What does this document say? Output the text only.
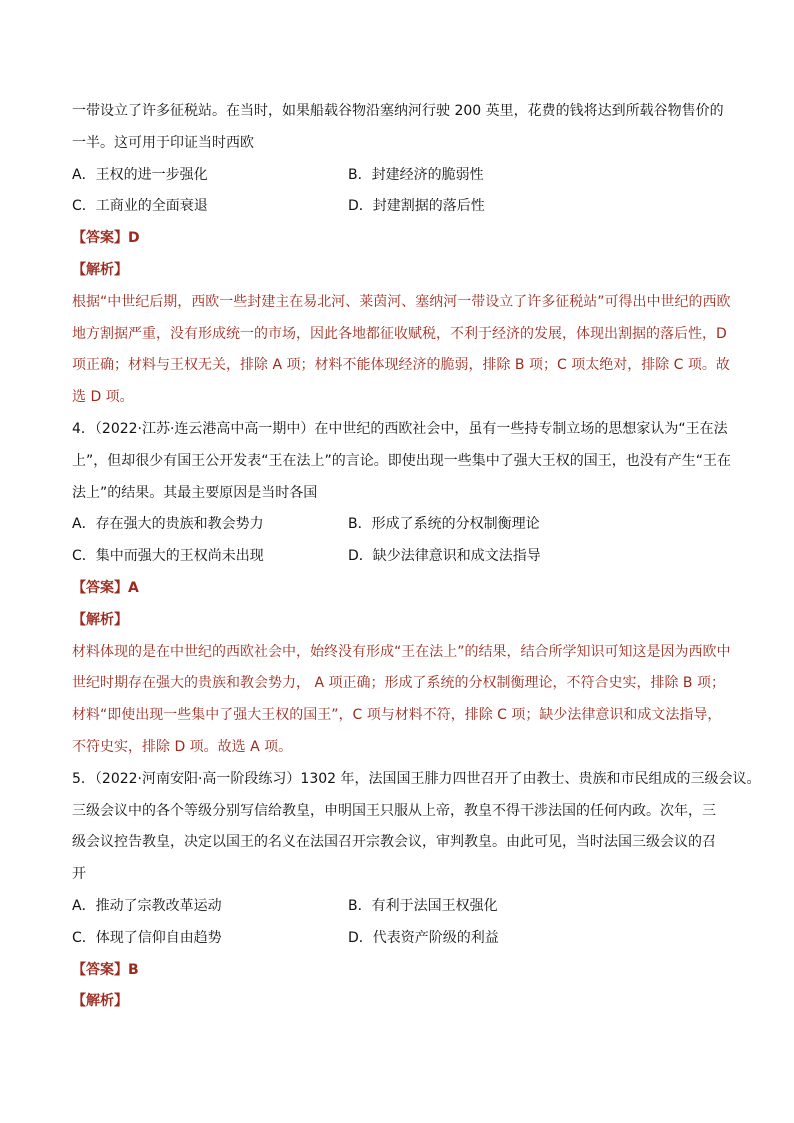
一带设立了许多征税站。在当时，如果船载谷物沿塞纳河行驶 200 英里，花费的钱将达到所载谷物售价的
一半。这可用于印证当时西欧
A．王权的进一步强化	B．封建经济的脆弱性
C．工商业的全面衰退	D．封建割据的落后性
【答案】D
【解析】
根据“中世纪后期，西欧一些封建主在易北河、莱茵河、塞纳河一带设立了许多征税站”可得出中世纪的西欧
地方割据严重，没有形成统一的市场，因此各地都征收赋税，不利于经济的发展，体现出割据的落后性，D
项正确；材料与王权无关，排除 A 项；材料不能体现经济的脆弱，排除 B 项；C 项太绝对，排除 C 项。故
选 D 项。
4．（2022·江苏·连云港高中高一期中）在中世纪的西欧社会中，虽有一些持专制立场的思想家认为“王在法
上”，但却很少有国王公开发表“王在法上”的言论。即使出现一些集中了强大王权的国王，也没有产生“王在
法上”的结果。其最主要原因是当时各国
A．存在强大的贵族和教会势力	B．形成了系统的分权制衡理论
C．集中而强大的王权尚未出现	D．缺少法律意识和成文法指导
【答案】A
【解析】
材料体现的是在中世纪的西欧社会中，始终没有形成“王在法上”的结果，结合所学知识可知这是因为西欧中
世纪时期存在强大的贵族和教会势力， A 项正确；形成了系统的分权制衡理论，不符合史实，排除 B 项；
材料“即使出现一些集中了强大王权的国王”，C 项与材料不符，排除 C 项；缺少法律意识和成文法指导，
不符史实，排除 D 项。故选 A 项。
5．（2022·河南安阳·高一阶段练习）1302 年，法国国王腓力四世召开了由教士、贵族和市民组成的三级会议。
三级会议中的各个等级分别写信给教皇，申明国王只服从上帝，教皇不得干涉法国的任何内政。次年，三
级会议控告教皇，决定以国王的名义在法国召开宗教会议，审判教皇。由此可见，当时法国三级会议的召
开
A．推动了宗教改革运动	B．有利于法国王权强化
C．体现了信仰自由趋势	D．代表资产阶级的利益
【答案】B
【解析】
